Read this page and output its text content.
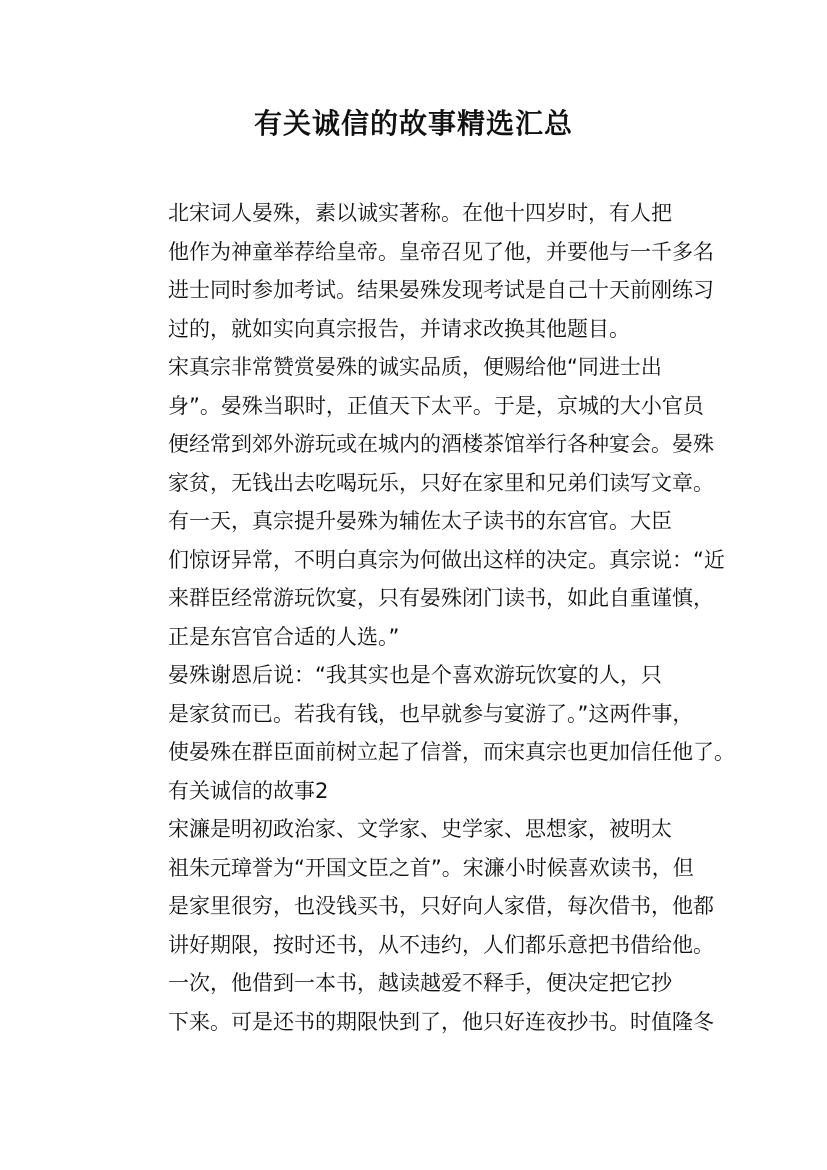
有关诚信的故事精选汇总

北宋词人晏殊，素以诚实著称。在他十四岁时，有人把
他作为神童举荐给皇帝。皇帝召见了他，并要他与一千多名
进士同时参加考试。结果晏殊发现考试是自己十天前刚练习
过的，就如实向真宗报告，并请求改换其他题目。

宋真宗非常赞赏晏殊的诚实品质，便赐给他“同进士出
身”。晏殊当职时，正值天下太平。于是，京城的大小官员
便经常到郊外游玩或在城内的酒楼茶馆举行各种宴会。晏殊
家贫，无钱出去吃喝玩乐，只好在家里和兄弟们读写文章。

有一天，真宗提升晏殊为辅佐太子读书的东宫官。大臣
们惊讶异常，不明白真宗为何做出这样的决定。真宗说：“近
来群臣经常游玩饮宴，只有晏殊闭门读书，如此自重谨慎，
正是东宫官合适的人选。”

晏殊谢恩后说：“我其实也是个喜欢游玩饮宴的人，只
是家贫而已。若我有钱，也早就参与宴游了。”这两件事，
使晏殊在群臣面前树立起了信誉，而宋真宗也更加信任他了。

有关诚信的故事2

宋濂是明初政治家、文学家、史学家、思想家，被明太
祖朱元璋誉为“开国文臣之首”。宋濂小时候喜欢读书，但
是家里很穷，也没钱买书，只好向人家借，每次借书，他都
讲好期限，按时还书，从不违约，人们都乐意把书借给他。

一次，他借到一本书，越读越爱不释手，便决定把它抄
下来。可是还书的期限快到了，他只好连夜抄书。时值隆冬
